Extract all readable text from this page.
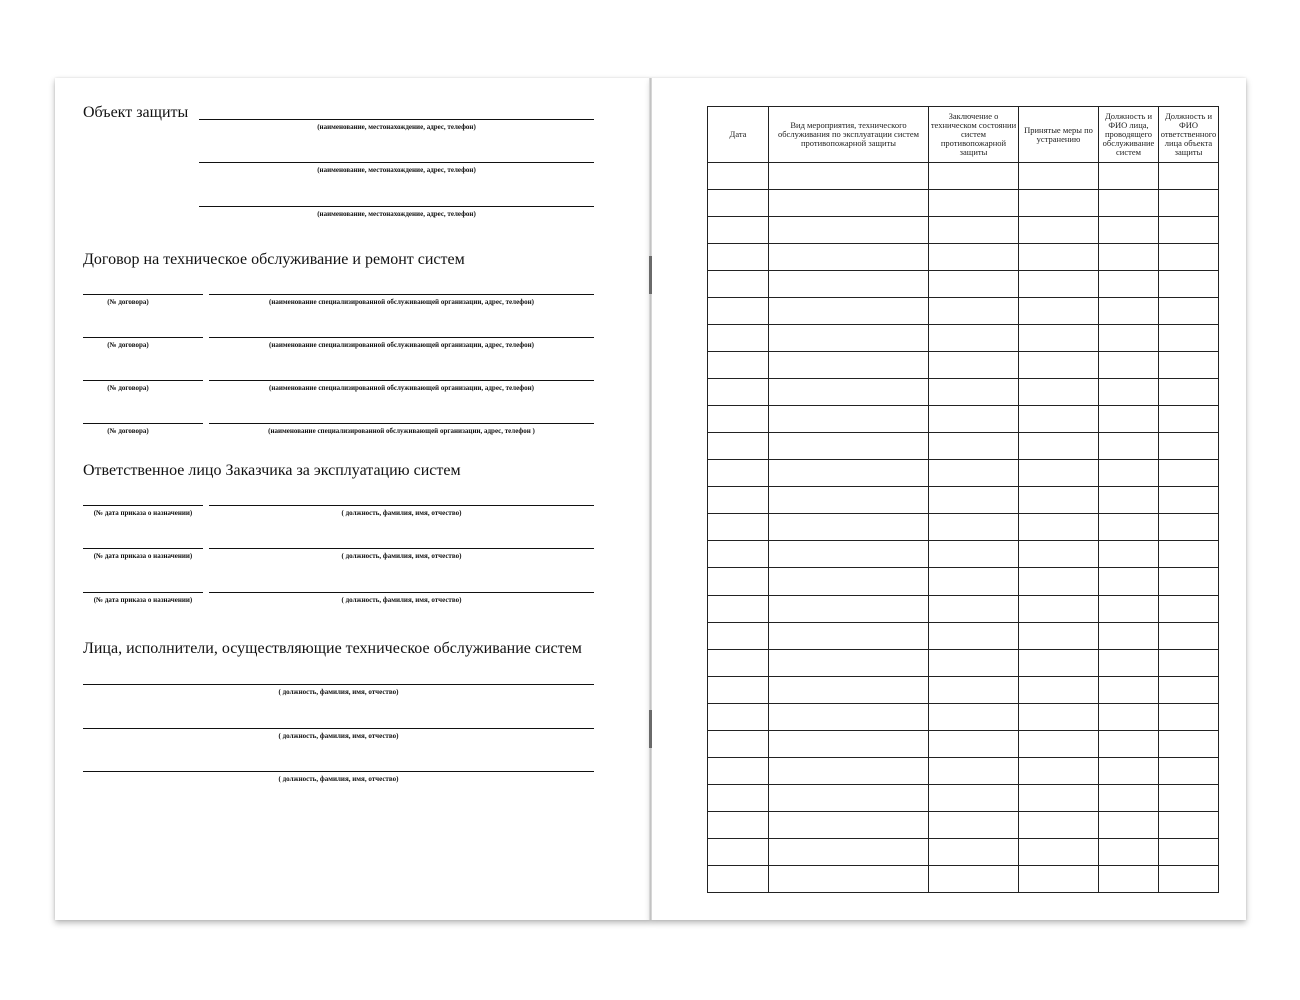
Объект защиты
(наименование, местонахождение, адрес, телефон)
(наименование, местонахождение, адрес, телефон)
(наименование, местонахождение, адрес, телефон)
Договор на техническое обслуживание и ремонт систем
(№ договора)	(наименование специализированной обслуживающей организации, адрес, телефон)
(№ договора)	(наименование специализированной обслуживающей организации, адрес, телефон)
(№ договора)	(наименование специализированной обслуживающей организации, адрес, телефон)
(№ договора)	(наименование специализированной обслуживающей организации, адрес, телефон )
Ответственное лицо Заказчика за эксплуатацию систем
(№ дата приказа о назначении)	( должность, фамилия, имя, отчество)
(№ дата приказа о назначении)	( должность, фамилия, имя, отчество)
(№ дата приказа о назначении)	( должность, фамилия, имя, отчество)
Лица, исполнители, осуществляющие техническое обслуживание систем
( должность, фамилия, имя, отчество)
( должность, фамилия, имя, отчество)
( должность, фамилия, имя, отчество)
Дата	Вид мероприятия, технического обслуживания по эксплуатации систем противопожарной защиты	Заключение о техническом состоянии систем противопожарной защиты	Принятые меры по устранению	Должность и ФИО лица, проводящего обслуживание систем	Должность и ФИО ответственного лица объекта защиты
